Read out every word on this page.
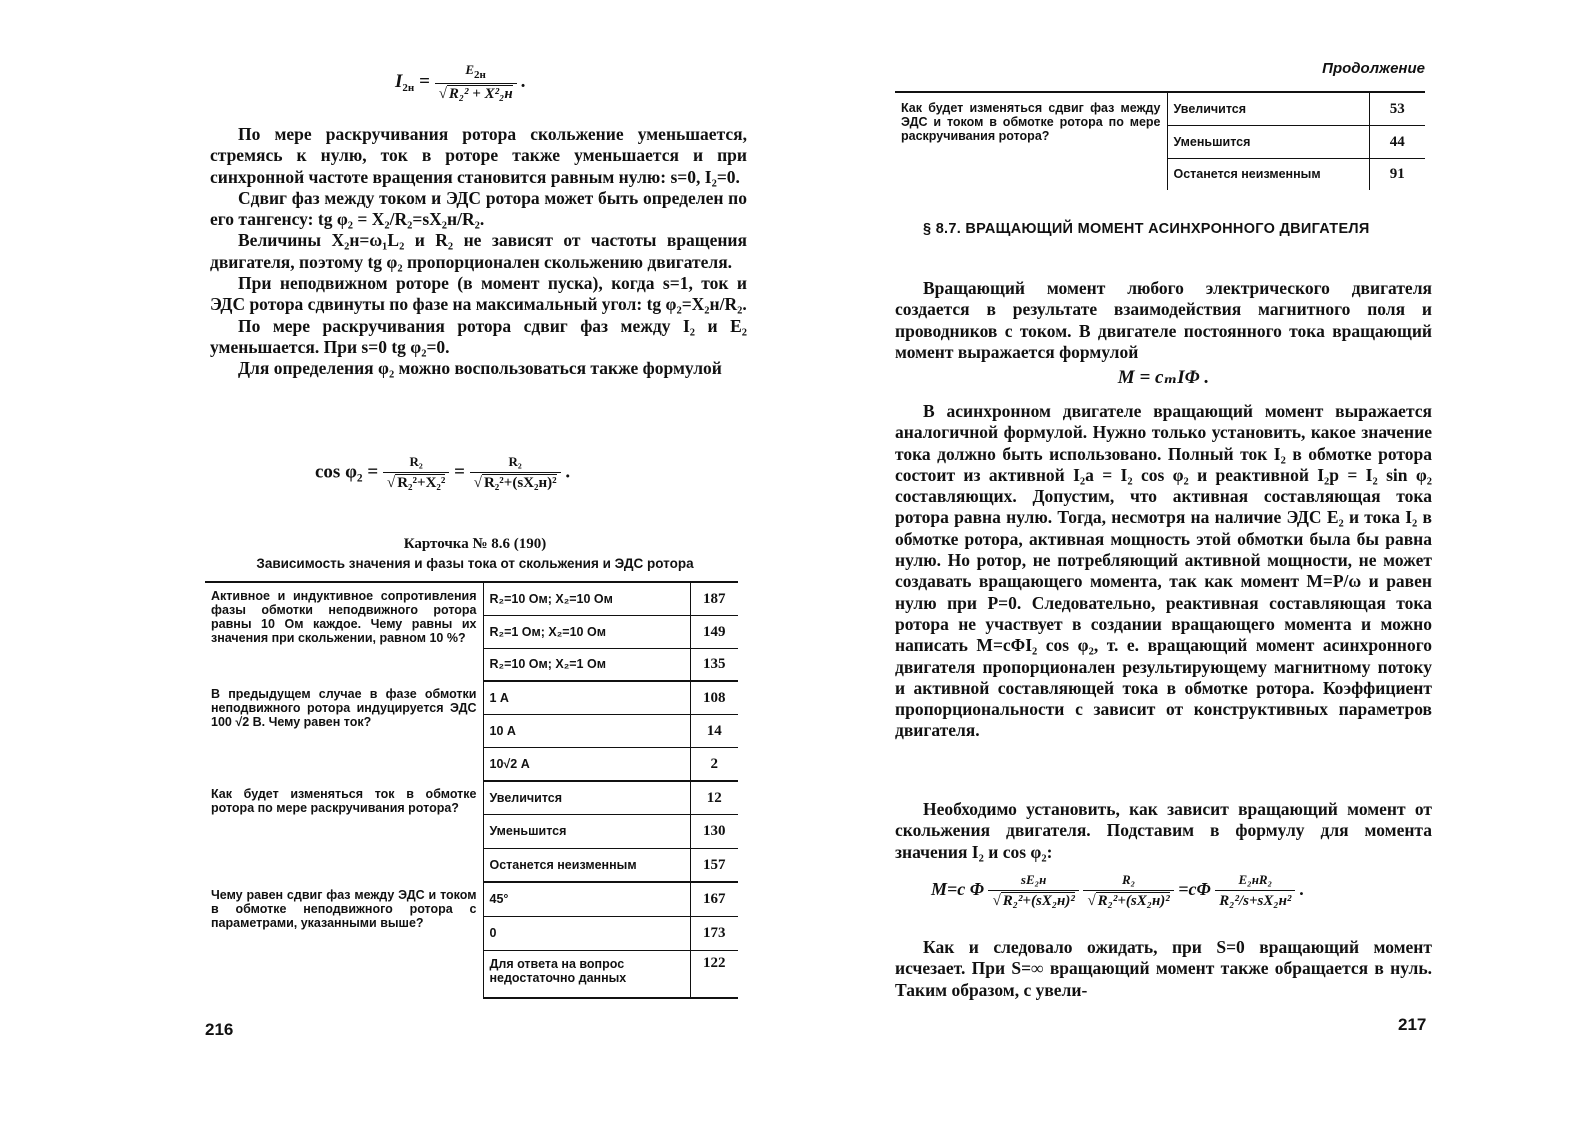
$I_{2н} = \frac{E_{2н}}{\text{√ R₂² + X²₂н}}$ .

По мере раскручивания ротора скольжение уменьшается, стремясь к нулю, ток в роторе также уменьшается и при синхронной частоте вращения становится равным нулю: s=0, I₂=0.

Сдвиг фаз между током и ЭДС ротора может быть определен по его тангенсу: tg φ₂ = X₂/R₂=sX₂н/R₂.

Величины X₂н=ω₁L₂ и R₂ не зависят от частоты вращения двигателя, поэтому tg φ₂ пропорционален скольжению двигателя.

При неподвижном роторе (в момент пуска), когда s=1, ток и ЭДС ротора сдвинуты по фазе на максимальный угол: tg φ₂=X₂н/R₂.

По мере раскручивания ротора сдвиг фаз между I₂ и E₂ уменьшается. При s=0 tg φ₂=0.

Для определения φ₂ можно воспользоваться также формулой

$\cos \varphi_2 = \frac{\text{R₂}}{\text{√ R₂²+X₂²}} = \frac{\text{R₂}}{\text{√ R₂²+(sX₂н)²}}$ .

Карточка № 8.6 (190)

Зависимость значения и фазы тока от скольжения и ЭДС ротора

Активное и индуктивное сопротивления фазы обмотки неподвижного ротора равны 10 Ом каждое. Чему равны их значения при скольжении, равном 10 %?	R₂=10 Ом; X₂=10 Ом	187
	R₂=1 Ом; X₂=10 Ом	149
	R₂=10 Ом; X₂=1 Ом	135
В предыдущем случае в фазе обмотки неподвижного ротора индуцируется ЭДС 100 √2 В. Чему равен ток?	1 А	108
	10 А	14
	10√2 А	2
Как будет изменяться ток в обмотке ротора по мере раскручивания ротора?	Увеличится	12
	Уменьшится	130
	Останется неизменным	157
Чему равен сдвиг фаз между ЭДС и током в обмотке неподвижного ротора с параметрами, указанными выше?	45°	167
	0	173
	Для ответа на вопрос недостаточно данных	122
216
Продолжение
Как будет изменяться сдвиг фаз между ЭДС и током в обмотке ротора по мере раскручивания ротора?	Увеличится	53
	Уменьшится	44
	Останется неизменным	91

§ 8.7. ВРАЩАЮЩИЙ МОМЕНТ АСИНХРОННОГО ДВИГАТЕЛЯ

Вращающий момент любого электрического двигателя создается в результате взаимодействия магнитного поля и проводников с током. В двигателе постоянного тока вращающий момент выражается формулой

M = cₘIΦ .

В асинхронном двигателе вращающий момент выражается аналогичной формулой. Нужно только установить, какое значение тока должно быть использовано. Полный ток I₂ в обмотке ротора состоит из активной I₂а = I₂ cos φ₂ и реактивной I₂р = I₂ sin φ₂ составляющих. Допустим, что активная составляющая тока ротора равна нулю. Тогда, несмотря на наличие ЭДС E₂ и тока I₂ в обмотке ротора, активная мощность этой обмотки была бы равна нулю. Но ротор, не потребляющий активной мощности, не может создавать вращающего момента, так как момент M=P/ω и равен нулю при P=0. Следовательно, реактивная составляющая тока ротора не участвует в создании вращающего момента и можно написать M=cΦI₂ cos φ₂, т. е. вращающий момент асинхронного двигателя пропорционален результирующему магнитному потоку и активной составляющей тока в обмотке ротора. Коэффициент пропорциональности c зависит от конструктивных параметров двигателя.

Необходимо установить, как зависит вращающий момент от скольжения двигателя. Подставим в формулу для момента значения I₂ и cos φ₂:

M=c Φ $\frac{\text{sE₂н}}{\text{√ R₂²+(sX₂н)²}}$
$\frac{\text{R₂}}{\text{√ R₂²+(sX₂н)²}} =c\Phi \frac{\text{E₂нR₂}}{\text{R₂²/s+sX₂н²}}$ .

Как и следовало ожидать, при S=0 вращающий момент исчезает. При S=∞ вращающий момент также обращается в нуль. Таким образом, с увели-

217
